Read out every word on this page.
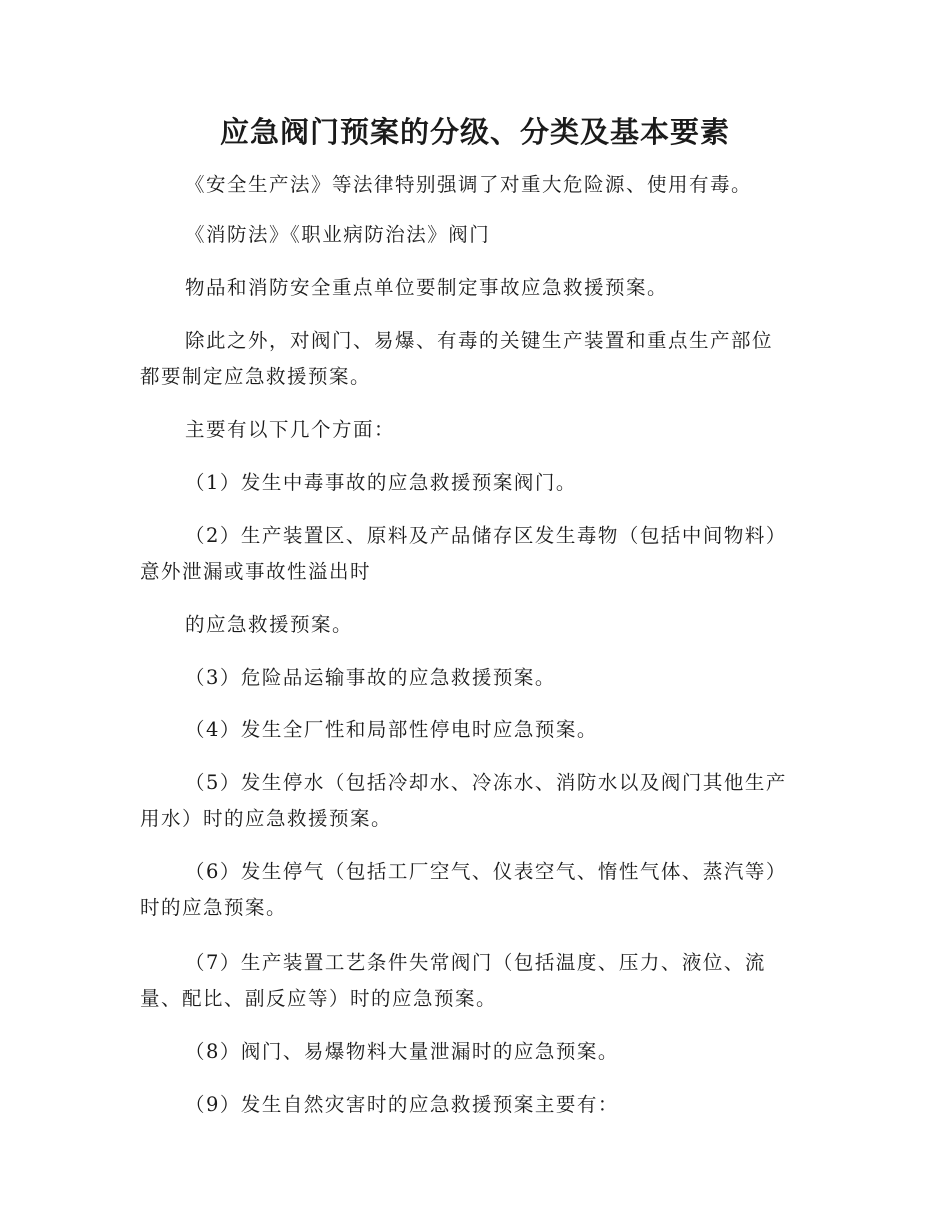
应急阀门预案的分级、分类及基本要素
《安全生产法》等法律特别强调了对重大危险源、使用有毒。
《消防法》《职业病防治法》阀门
物品和消防安全重点单位要制定事故应急救援预案。
除此之外，对阀门、易爆、有毒的关键生产装置和重点生产部位
都要制定应急救援预案。
主要有以下几个方面：
（1）发生中毒事故的应急救援预案阀门。
（2）生产装置区、原料及产品储存区发生毒物（包括中间物料）
意外泄漏或事故性溢出时
的应急救援预案。
（3）危险品运输事故的应急救援预案。
（4）发生全厂性和局部性停电时应急预案。
（5）发生停水（包括冷却水、冷冻水、消防水以及阀门其他生产
用水）时的应急救援预案。
（6）发生停气（包括工厂空气、仪表空气、惰性气体、蒸汽等）
时的应急预案。
（7）生产装置工艺条件失常阀门（包括温度、压力、液位、流
量、配比、副反应等）时的应急预案。
（8）阀门、易爆物料大量泄漏时的应急预案。
（9）发生自然灾害时的应急救援预案主要有：
